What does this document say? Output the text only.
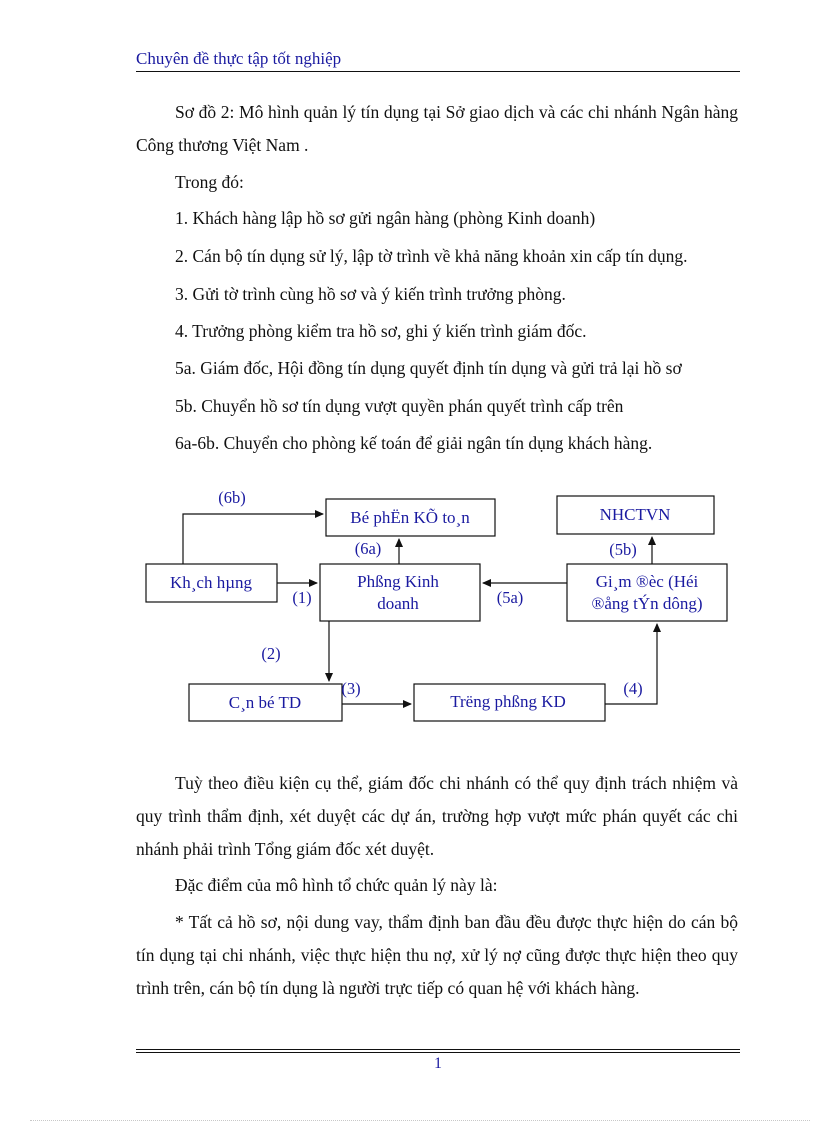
Chuyên đề thực tập tốt nghiệp

Sơ đồ 2: Mô hình quản lý tín dụng tại Sở giao dịch và các chi nhánh Ngân hàng Công thương Việt Nam .

Trong đó:

1. Khách hàng lập hồ sơ gửi ngân hàng (phòng Kinh doanh)

2. Cán bộ tín dụng sử lý, lập tờ trình về khả năng khoản xin cấp tín dụng.

3. Gửi tờ trình cùng hồ sơ và ý kiến trình trưởng phòng.

4. Trưởng phòng kiểm tra hồ sơ, ghi ý kiến trình giám đốc.

5a. Giám đốc, Hội đồng tín dụng quyết định tín dụng và gửi trả lại hồ sơ

5b. Chuyển hồ sơ tín dụng vượt quyền phán quyết trình cấp trên

6a-6b. Chuyển cho phòng kế toán để giải ngân tín dụng khách hàng.

Bé phËn KÕ to¸n	NHCTVN
Kh¸ch hµng	Phßng Kinh
doanh
Gi¸m ®èc (Héi
®ång tÝn dông)
C¸n bé TD	Trëng phßng KD
(6b)
(6a)	(5b)
(1)	(5a)
(2)
(3)	(4)

Tuỳ theo điều kiện cụ thể, giám đốc chi nhánh có thể quy định trách nhiệm và quy trình thẩm định, xét duyệt các dự án, trường hợp vượt mức phán quyết các chi nhánh phải trình Tổng giám đốc xét duyệt.

Đặc điểm của mô hình tổ chức quản lý này là:

* Tất cả hồ sơ, nội dung vay, thẩm định ban đầu đều được thực hiện do cán bộ tín dụng tại chi nhánh, việc thực hiện thu nợ, xử lý nợ cũng được thực hiện theo quy trình trên, cán bộ tín dụng là người trực tiếp có quan hệ với khách hàng.

1
